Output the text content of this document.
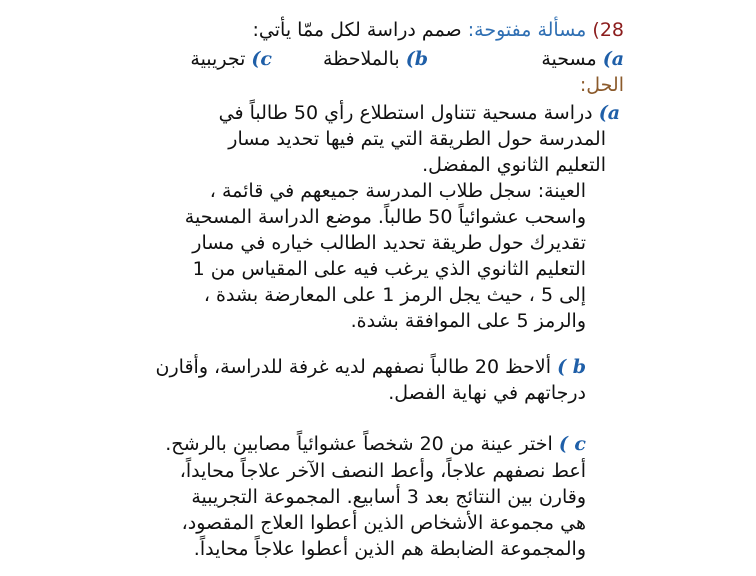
28) مسألة مفتوحة: صمم دراسة لكل ممّا يأتي:
a) مسحية
b) بالملاحظة
c) تجريبية
الحل:
a) دراسة مسحية تتناول استطلاع رأي 50 طالباً في
المدرسة حول الطريقة التي يتم فيها تحديد مسار
التعليم الثانوي المفضل.
العينة: سجل طلاب المدرسة جميعهم في قائمة ،
واسحب عشوائياً 50 طالباً. موضع الدراسة المسحية
تقديرك حول طريقة تحديد الطالب خياره في مسار
التعليم الثانوي الذي يرغب فيه على المقياس من 1
إلى 5 ، حيث يجل الرمز 1 على المعارضة بشدة ،
والرمز 5 على الموافقة بشدة.
b ) ألاحظ 20 طالباً نصفهم لديه غرفة للدراسة، وأقارن
درجاتهم في نهاية الفصل.
c ) اختر عينة من 20 شخصاً عشوائياً مصابين بالرشح.
أعط نصفهم علاجاً، وأعط النصف الآخر علاجاً محايداً،
وقارن بين النتائج بعد 3 أسابيع. المجموعة التجريبية
هي مجموعة الأشخاص الذين أعطوا العلاج المقصود،
والمجموعة الضابطة هم الذين أعطوا علاجاً محايداً.
